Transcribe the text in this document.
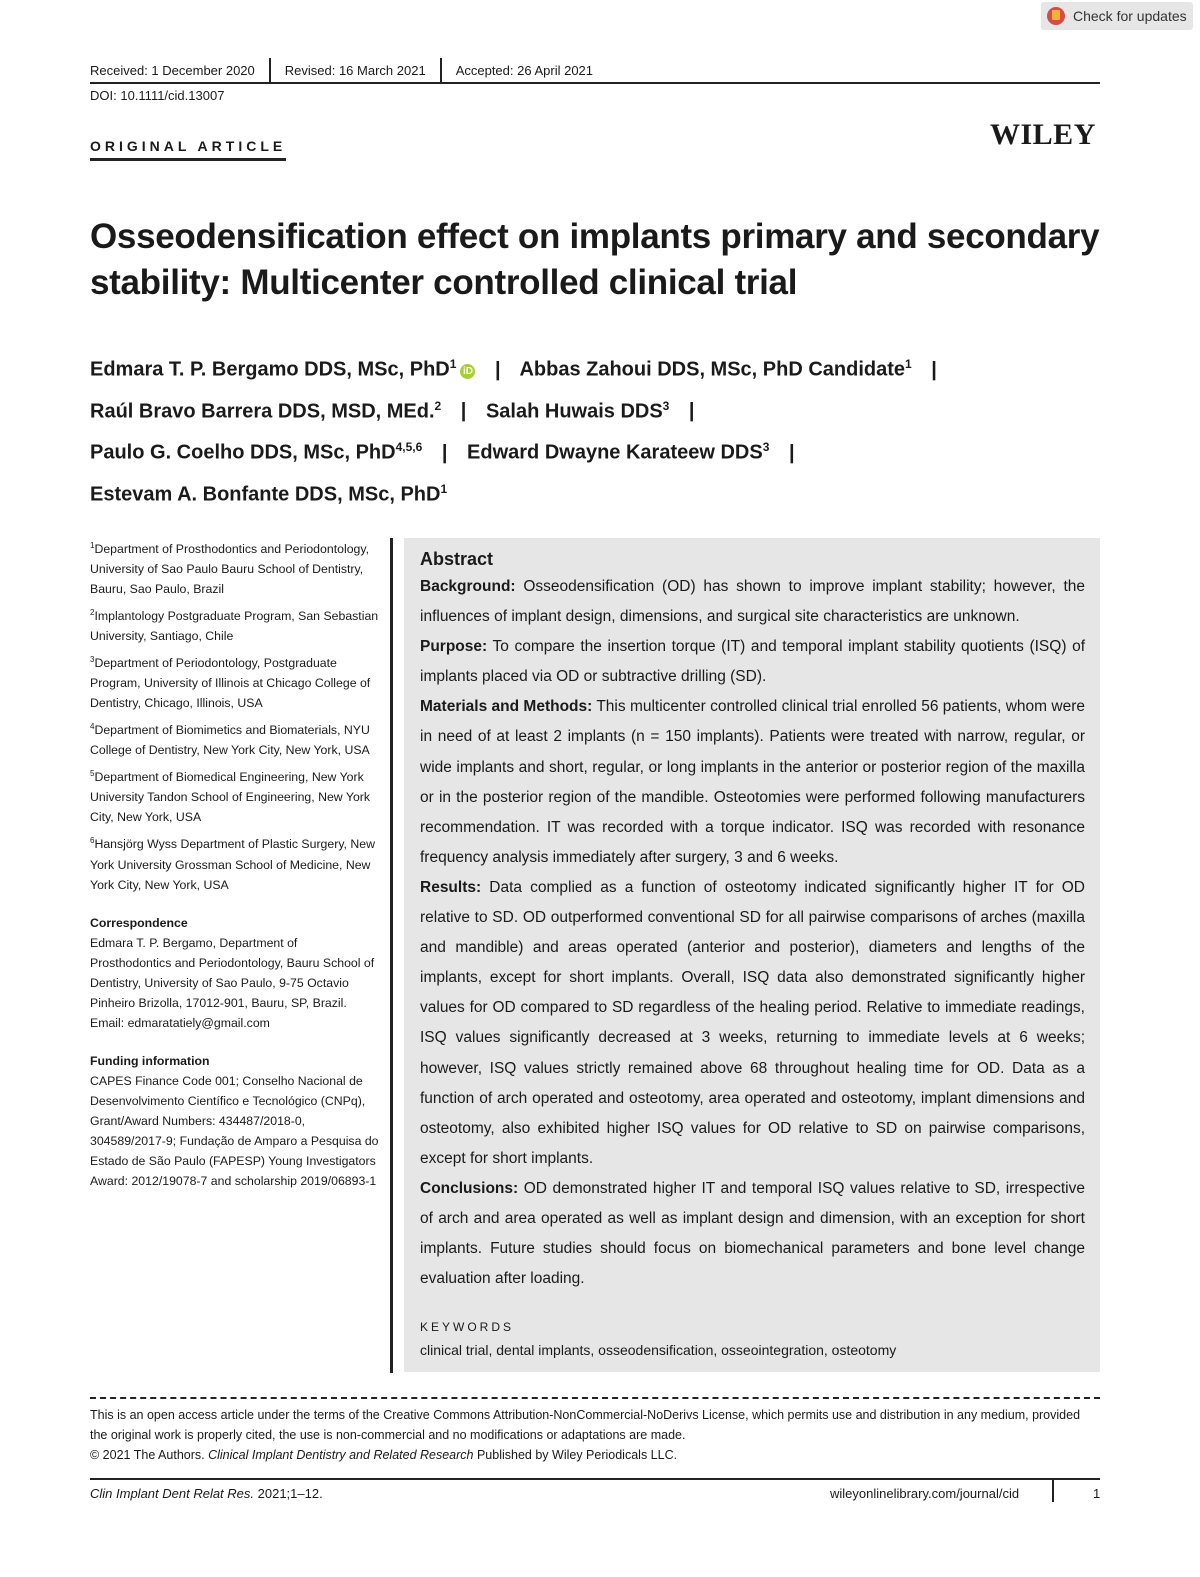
Check for updates
Received: 1 December 2020	Revised: 16 March 2021	Accepted: 26 April 2021
DOI: 10.1111/cid.13007
ORIGINAL ARTICLE	WILEY
Osseodensification effect on implants primary and secondary stability: Multicenter controlled clinical trial
Edmara T. P. Bergamo DDS, MSc, PhD$^1$iD | Abbas Zahoui DDS, MSc, PhD Candidate$^1$ |
Raúl Bravo Barrera DDS, MSD, MEd.$^2$ | Salah Huwais DDS$^3$ |
Paulo G. Coelho DDS, MSc, PhD$^{4,5,6}$ | Edward Dwayne Karateew DDS$^3$ |
Estevam A. Bonfante DDS, MSc, PhD$^1$
$^1$Department of Prosthodontics and Periodontology, University of Sao Paulo Bauru School of Dentistry, Bauru, Sao Paulo, Brazil
$^2$Implantology Postgraduate Program, San Sebastian University, Santiago, Chile
$^3$Department of Periodontology, Postgraduate Program, University of Illinois at Chicago College of Dentistry, Chicago, Illinois, USA
$^4$Department of Biomimetics and Biomaterials, NYU College of Dentistry, New York City, New York, USA
$^5$Department of Biomedical Engineering, New York University Tandon School of Engineering, New York City, New York, USA
$^6$Hansjörg Wyss Department of Plastic Surgery, New York University Grossman School of Medicine, New York City, New York, USA
Correspondence
Edmara T. P. Bergamo, Department of Prosthodontics and Periodontology, Bauru School of Dentistry, University of Sao Paulo, 9-75 Octavio Pinheiro Brizolla, 17012-901, Bauru, SP, Brazil.
Email: edmaratatiely@gmail.com
Funding information
CAPES Finance Code 001; Conselho Nacional de Desenvolvimento Científico e Tecnológico (CNPq), Grant/Award Numbers: 434487/2018-0, 304589/2017-9; Fundação de Amparo a Pesquisa do Estado de São Paulo (FAPESP) Young Investigators Award: 2012/19078-7 and scholarship 2019/06893-1
Abstract

Background: Osseodensification (OD) has shown to improve implant stability; however, the influences of implant design, dimensions, and surgical site characteristics are unknown.

Purpose: To compare the insertion torque (IT) and temporal implant stability quotients (ISQ) of implants placed via OD or subtractive drilling (SD).

Materials and Methods: This multicenter controlled clinical trial enrolled 56 patients, whom were in need of at least 2 implants (n = 150 implants). Patients were treated with narrow, regular, or wide implants and short, regular, or long implants in the anterior or posterior region of the maxilla or in the posterior region of the mandible. Osteotomies were performed following manufacturers recommendation. IT was recorded with a torque indicator. ISQ was recorded with resonance frequency analysis immediately after surgery, 3 and 6 weeks.

Results: Data complied as a function of osteotomy indicated significantly higher IT for OD relative to SD. OD outperformed conventional SD for all pairwise comparisons of arches (maxilla and mandible) and areas operated (anterior and posterior), diameters and lengths of the implants, except for short implants. Overall, ISQ data also demonstrated significantly higher values for OD compared to SD regardless of the healing period. Relative to immediate readings, ISQ values significantly decreased at 3 weeks, returning to immediate levels at 6 weeks; however, ISQ values strictly remained above 68 throughout healing time for OD. Data as a function of arch operated and osteotomy, area operated and osteotomy, implant dimensions and osteotomy, also exhibited higher ISQ values for OD relative to SD on pairwise comparisons, except for short implants.

Conclusions: OD demonstrated higher IT and temporal ISQ values relative to SD, irrespective of arch and area operated as well as implant design and dimension, with an exception for short implants. Future studies should focus on biomechanical parameters and bone level change evaluation after loading.

KEYWORDS
clinical trial, dental implants, osseodensification, osseointegration, osteotomy
This is an open access article under the terms of the Creative Commons Attribution-NonCommercial-NoDerivs License, which permits use and distribution in any medium, provided the original work is properly cited, the use is non-commercial and no modifications or adaptations are made.
© 2021 The Authors. Clinical Implant Dentistry and Related Research Published by Wiley Periodicals LLC.
Clin Implant Dent Relat Res. 2021;1–12.	wileyonlinelibrary.com/journal/cid	1
